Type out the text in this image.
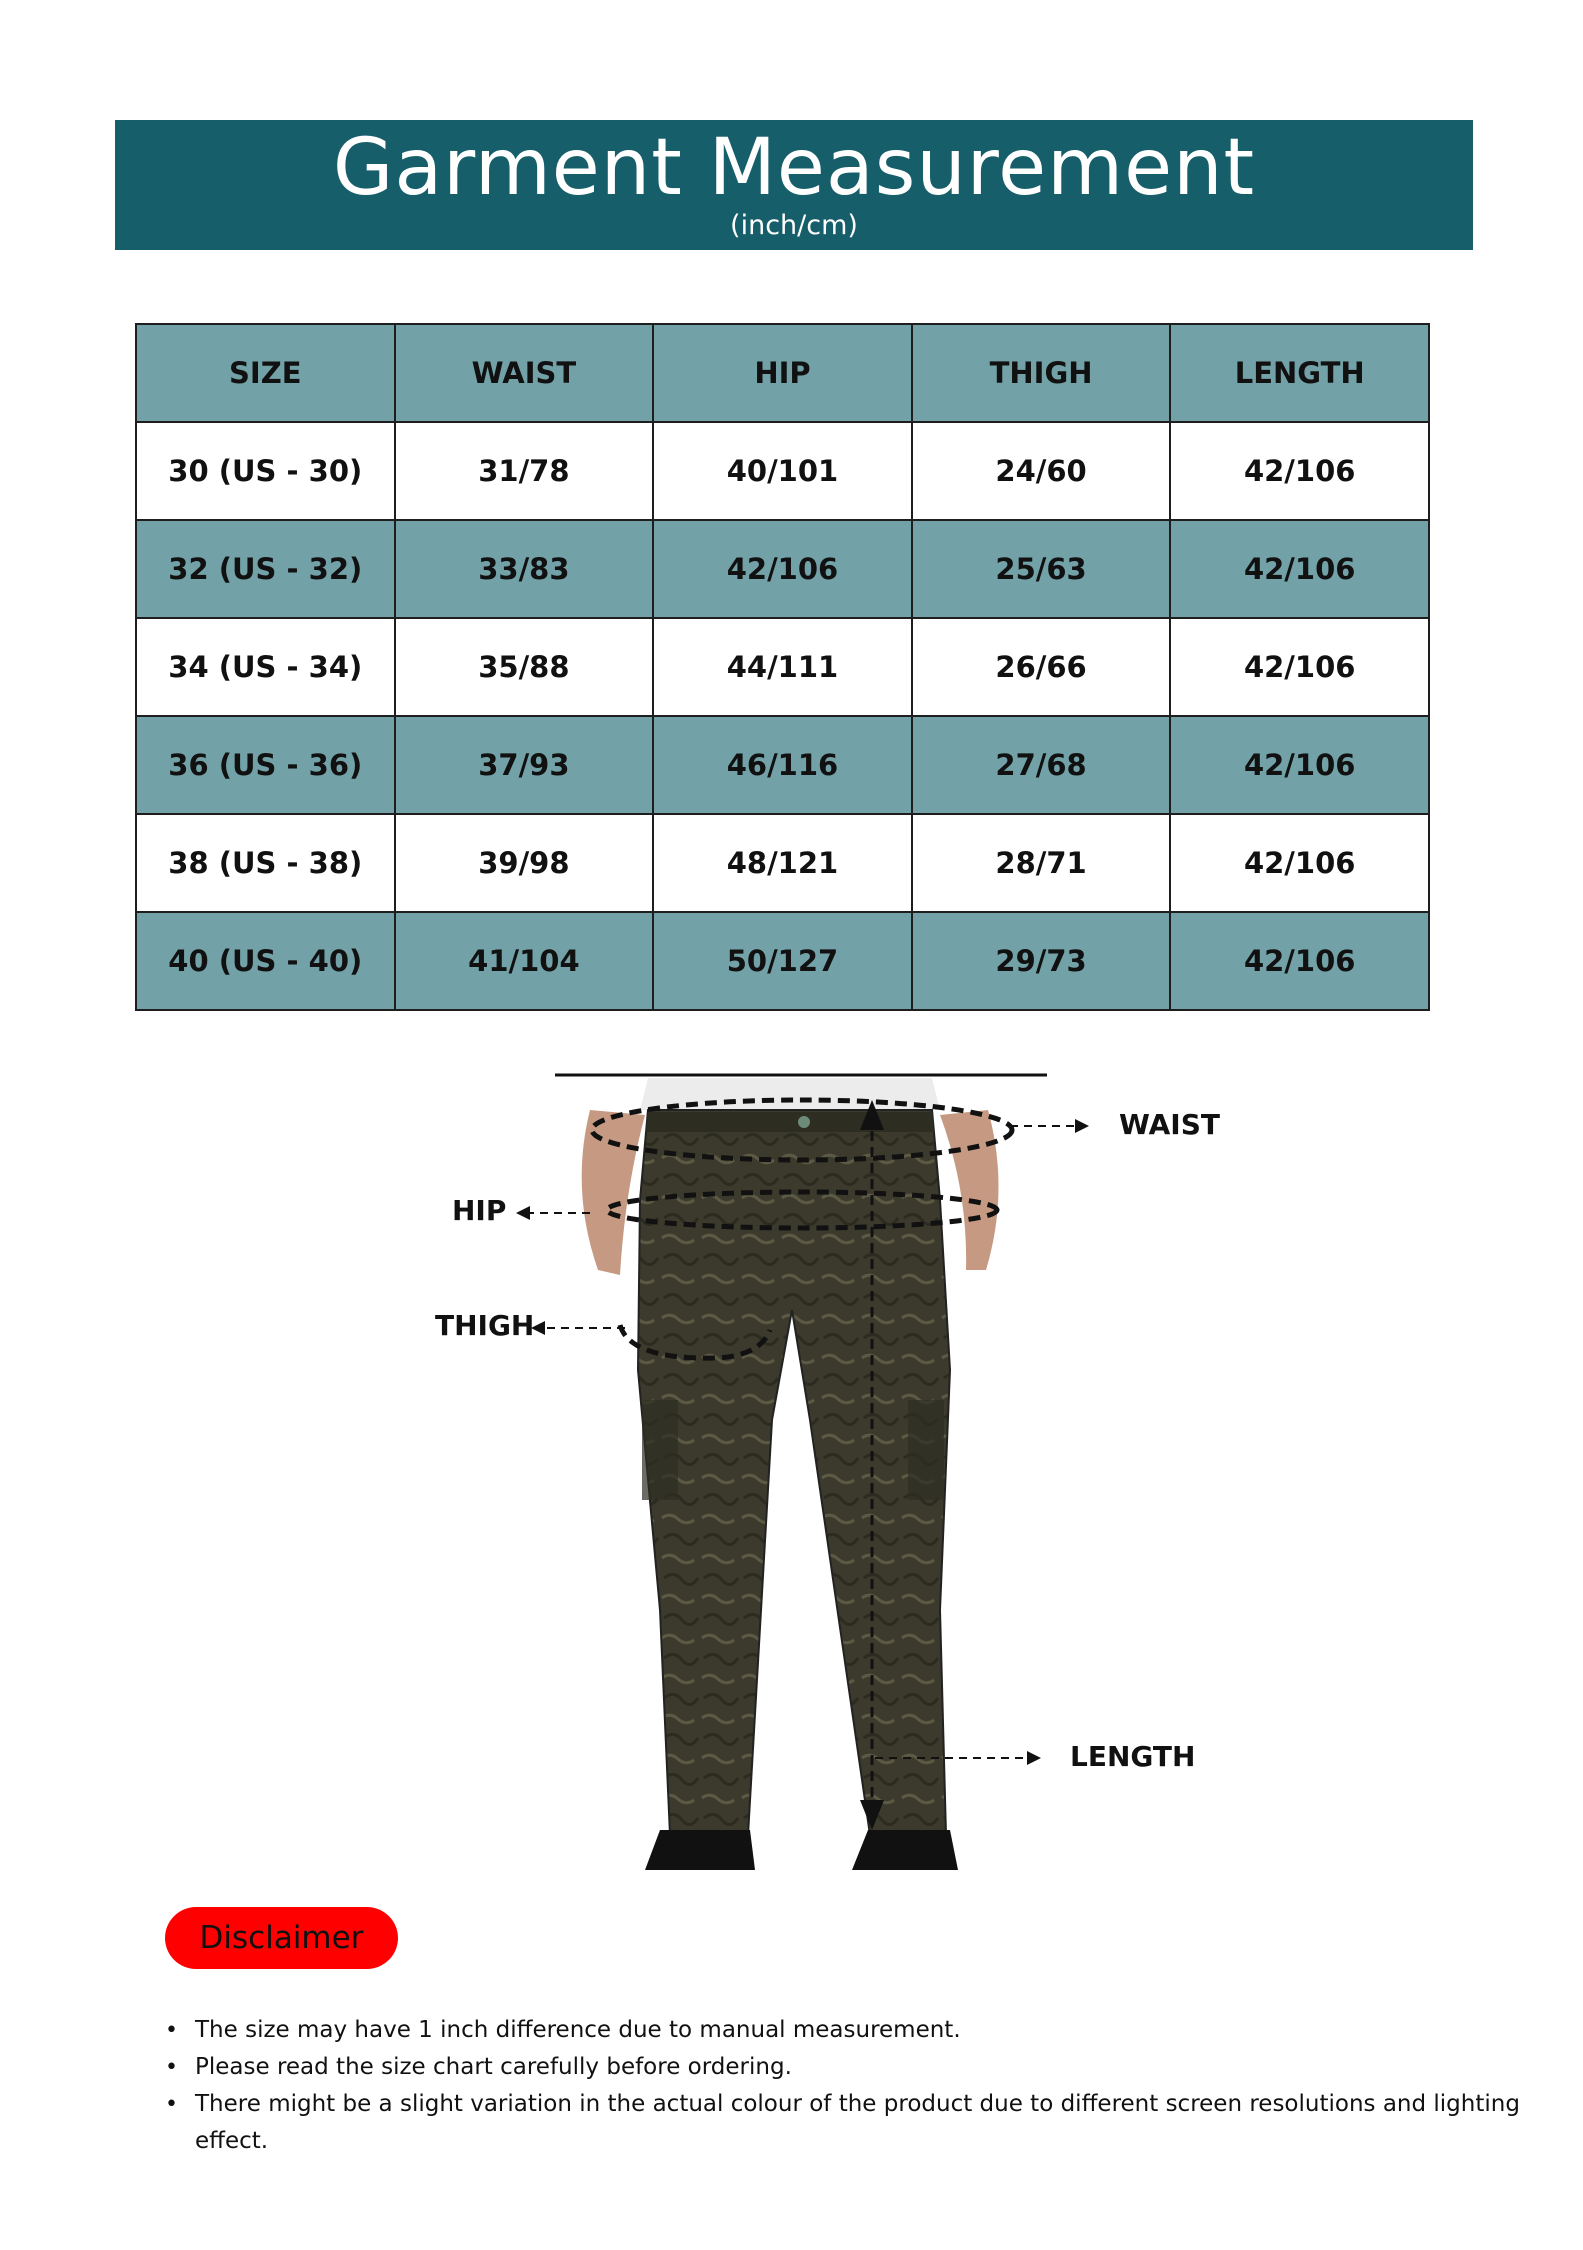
Garment Measurement
(inch/cm)
SIZE	WAIST	HIP	THIGH	LENGTH
30 (US - 30)	31/78	40/101	24/60	42/106
32 (US - 32)	33/83	42/106	25/63	42/106
34 (US - 34)	35/88	44/111	26/66	42/106
36 (US - 36)	37/93	46/116	27/68	42/106
38 (US - 38)	39/98	48/121	28/71	42/106
40 (US - 40)	41/104	50/127	29/73	42/106
WAIST
HIP
THIGH
LENGTH
Disclaimer
• The size may have 1 inch difference due to manual measurement.
• Please read the size chart carefully before ordering.
• There might be a slight variation in the actual colour of the product due to different screen resolutions and lighting effect.
